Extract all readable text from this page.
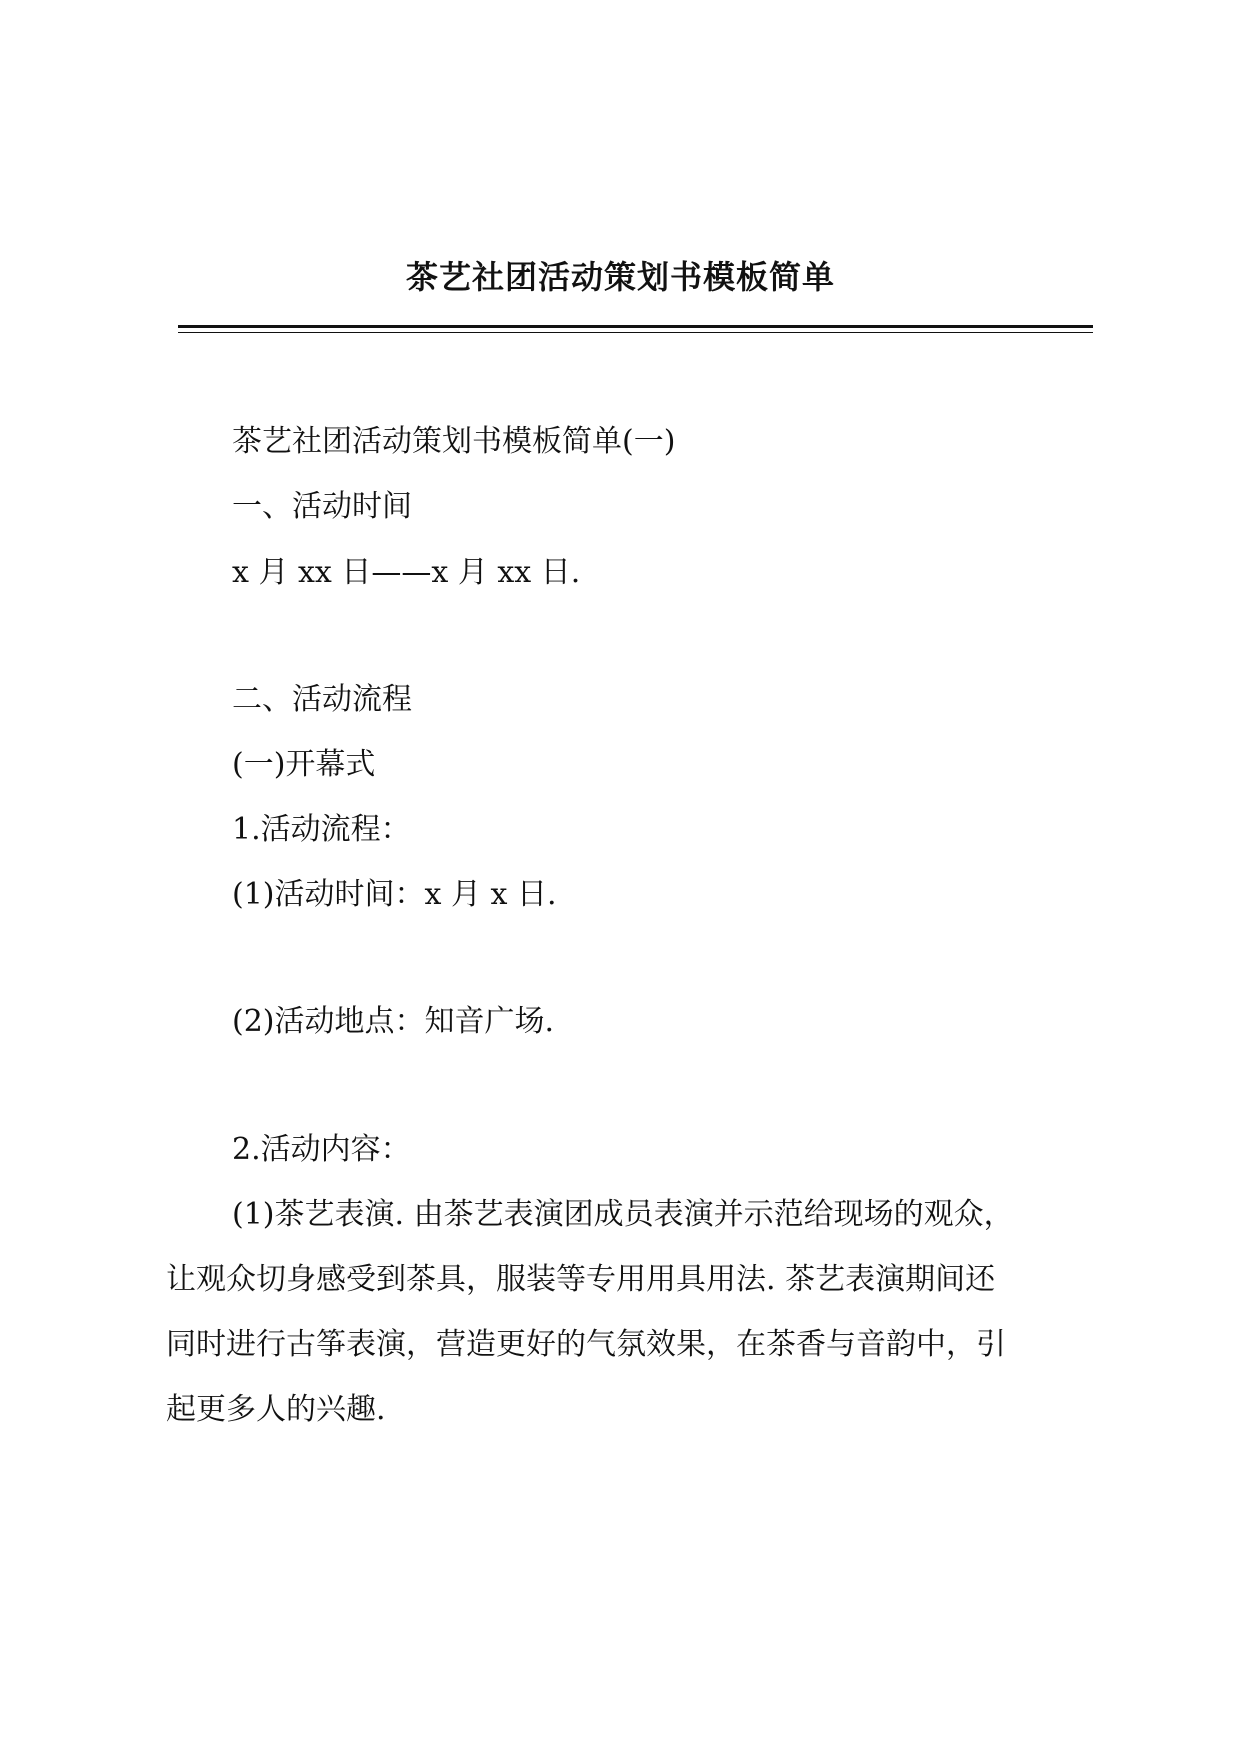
茶艺社团活动策划书模板简单

茶艺社团活动策划书模板简单(一)

一、活动时间

x 月 xx 日——x 月 xx 日.

二、活动流程

(一)开幕式

1.活动流程：

(1)活动时间：x 月 x 日.

(2)活动地点：知音广场.

2.活动内容：

(1)茶艺表演. 由茶艺表演团成员表演并示范给现场的观众，

让观众切身感受到茶具，服装等专用用具用法. 茶艺表演期间还

同时进行古筝表演，营造更好的气氛效果，在茶香与音韵中，引

起更多人的兴趣.
